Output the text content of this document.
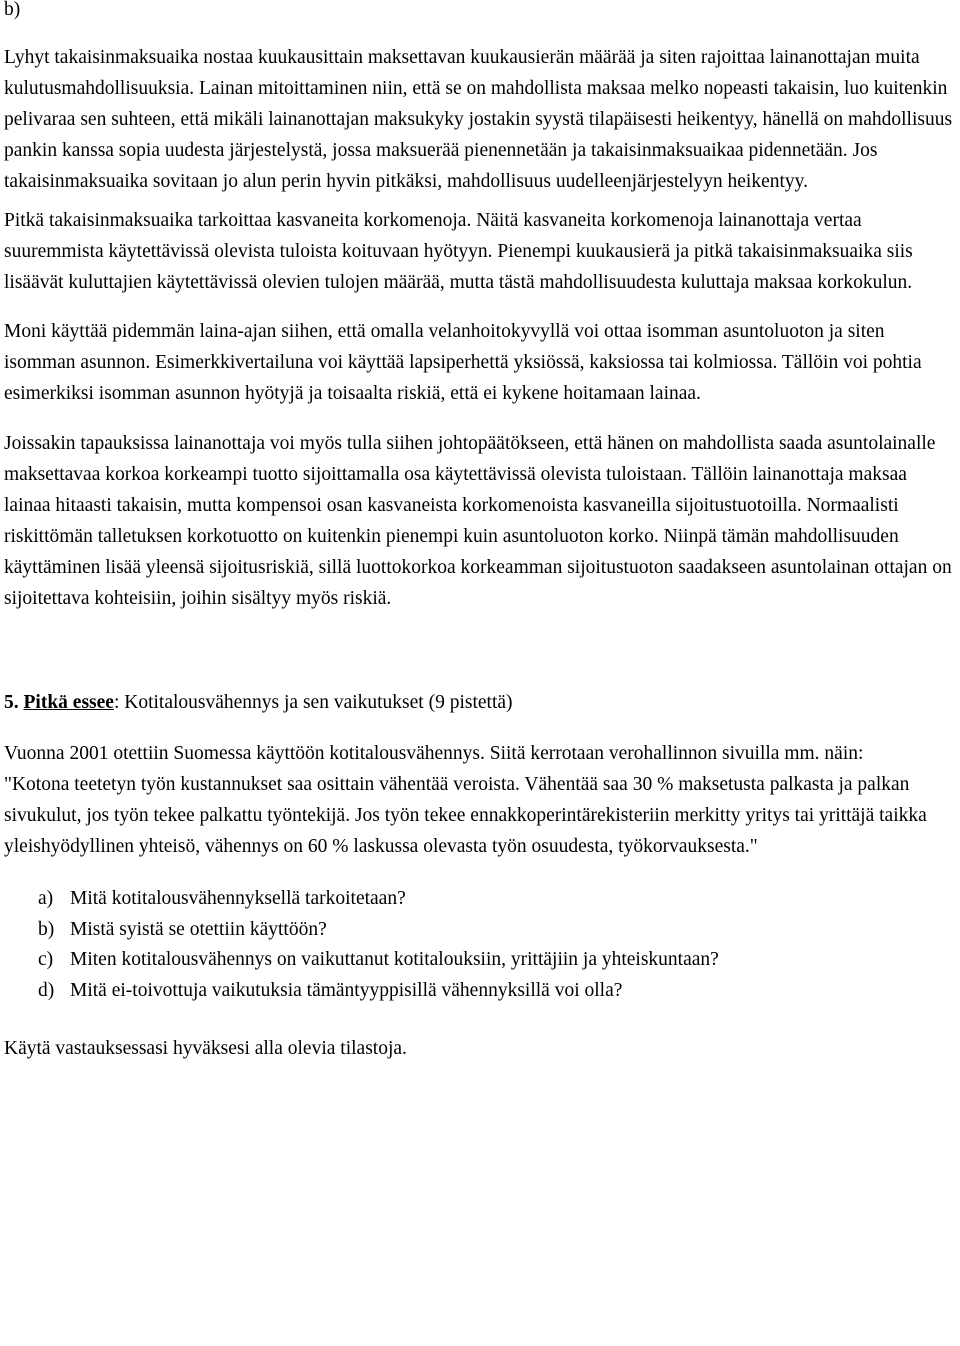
b)

Lyhyt takaisinmaksuaika nostaa kuukausittain maksettavan kuukausierän määrää ja siten rajoittaa lainanottajan muita kulutusmahdollisuuksia. Lainan mitoittaminen niin, että se on mahdollista maksaa melko nopeasti takaisin, luo kuitenkin pelivaraa sen suhteen, että mikäli lainanottajan maksukyky jostakin syystä tilapäisesti heikentyy, hänellä on mahdollisuus pankin kanssa sopia uudesta järjestelystä, jossa maksuerää pienennetään ja takaisinmaksuaikaa pidennetään. Jos takaisinmaksuaika sovitaan jo alun perin hyvin pitkäksi, mahdollisuus uudelleenjärjestelyyn heikentyy.

Pitkä takaisinmaksuaika tarkoittaa kasvaneita korkomenoja. Näitä kasvaneita korkomenoja lainanottaja vertaa suuremmista käytettävissä olevista tuloista koituvaan hyötyyn. Pienempi kuukausierä ja pitkä takaisinmaksuaika siis lisäävät kuluttajien käytettävissä olevien tulojen määrää, mutta tästä mahdollisuudesta kuluttaja maksaa korkokulun.

Moni käyttää pidemmän laina-ajan siihen, että omalla velanhoitokyvyllä voi ottaa isomman asuntoluoton ja siten isomman asunnon. Esimerkkivertailuna voi käyttää lapsiperhettä yksiössä, kaksiossa tai kolmiossa. Tällöin voi pohtia esimerkiksi isomman asunnon hyötyjä ja toisaalta riskiä, että ei kykene hoitamaan lainaa.

Joissakin tapauksissa lainanottaja voi myös tulla siihen johtopäätökseen, että hänen on mahdollista saada asuntolainalle maksettavaa korkoa korkeampi tuotto sijoittamalla osa käytettävissä olevista tuloistaan. Tällöin lainanottaja maksaa lainaa hitaasti takaisin, mutta kompensoi osan kasvaneista korkomenoista kasvaneilla sijoitustuotoilla. Normaalisti riskittömän talletuksen korkotuotto on kuitenkin pienempi kuin asuntoluoton korko. Niinpä tämän mahdollisuuden käyttäminen lisää yleensä sijoitusriskiä, sillä luottokorkoa korkeamman sijoitustuoton saadakseen asuntolainan ottajan on sijoitettava kohteisiin, joihin sisältyy myös riskiä.

5. Pitkä essee: Kotitalousvähennys ja sen vaikutukset (9 pistettä)

Vuonna 2001 otettiin Suomessa käyttöön kotitalousvähennys. Siitä kerrotaan verohallinnon sivuilla mm. näin:

"Kotona teetetyn työn kustannukset saa osittain vähentää veroista. Vähentää saa 30 % maksetusta palkasta ja palkan sivukulut, jos työn tekee palkattu työntekijä. Jos työn tekee ennakkoperintärekisteriin merkitty yritys tai yrittäjä taikka yleishyödyllinen yhteisö, vähennys on 60 % laskussa olevasta työn osuudesta, työkorvauksesta."

a) Mitä kotitalousvähennyksellä tarkoitetaan?
b) Mistä syistä se otettiin käyttöön?
c) Miten kotitalousvähennys on vaikuttanut kotitalouksiin, yrittäjiin ja yhteiskuntaan?
d) Mitä ei-toivottuja vaikutuksia tämäntyyppisillä vähennyksillä voi olla?

Käytä vastauksessasi hyväksesi alla olevia tilastoja.
